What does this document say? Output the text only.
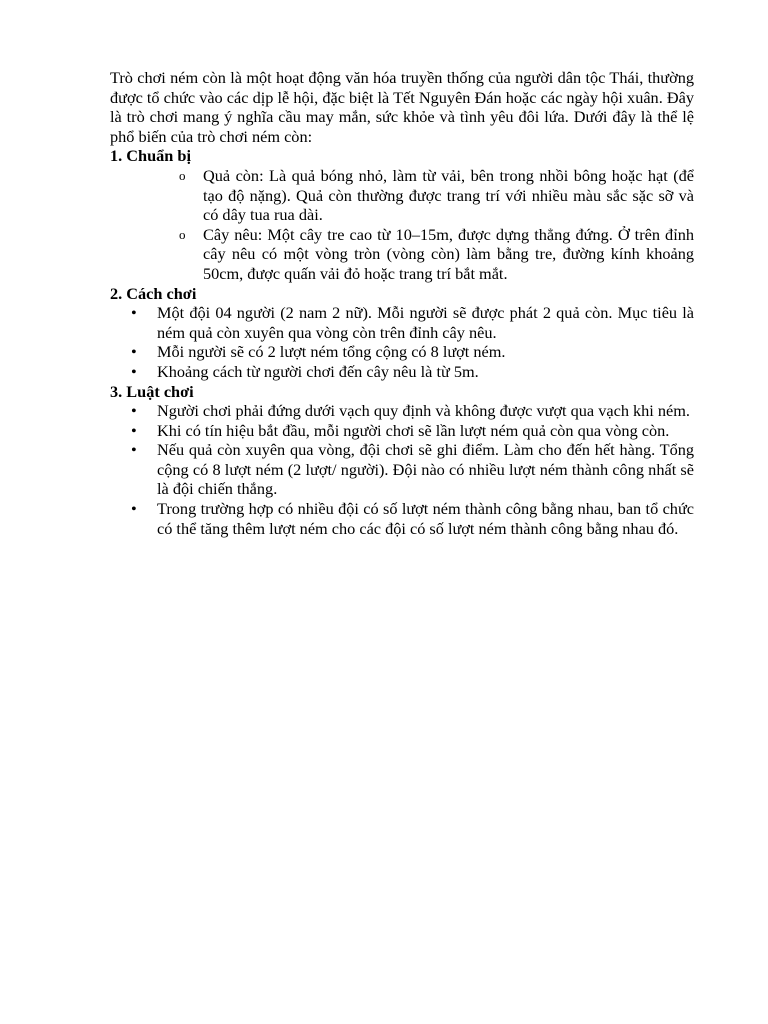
Trò chơi ném còn là một hoạt động văn hóa truyền thống của người dân tộc Thái, thường được tổ chức vào các dịp lễ hội, đặc biệt là Tết Nguyên Đán hoặc các ngày hội xuân. Đây là trò chơi mang ý nghĩa cầu may mắn, sức khỏe và tình yêu đôi lứa. Dưới đây là thể lệ phổ biến của trò chơi ném còn:

1. Chuẩn bị

o Quả còn: Là quả bóng nhỏ, làm từ vải, bên trong nhồi bông hoặc hạt (để tạo độ nặng). Quả còn thường được trang trí với nhiều màu sắc sặc sỡ và có dây tua rua dài.
o Cây nêu: Một cây tre cao từ 10–15m, được dựng thẳng đứng. Ở trên đỉnh cây nêu có một vòng tròn (vòng còn) làm bằng tre, đường kính khoảng 50cm, được quấn vải đỏ hoặc trang trí bắt mắt.

2. Cách chơi

• Một đội 04 người (2 nam 2 nữ). Mỗi người sẽ được phát 2 quả còn. Mục tiêu là ném quả còn xuyên qua vòng còn trên đỉnh cây nêu.
• Mỗi người sẽ có 2 lượt ném tổng cộng có 8 lượt ném.
• Khoảng cách từ người chơi đến cây nêu là từ 5m.

3. Luật chơi

• Người chơi phải đứng dưới vạch quy định và không được vượt qua vạch khi ném.
• Khi có tín hiệu bắt đầu, mỗi người chơi sẽ lần lượt ném quả còn qua vòng còn.
• Nếu quả còn xuyên qua vòng, đội chơi sẽ ghi điểm. Làm cho đến hết hàng. Tổng cộng có 8 lượt ném (2 lượt/ người). Đội nào có nhiều lượt ném thành công nhất sẽ là đội chiến thắng.
• Trong trường hợp có nhiều đội có số lượt ném thành công bằng nhau, ban tổ chức có thể tăng thêm lượt ném cho các đội có số lượt ném thành công bằng nhau đó.
